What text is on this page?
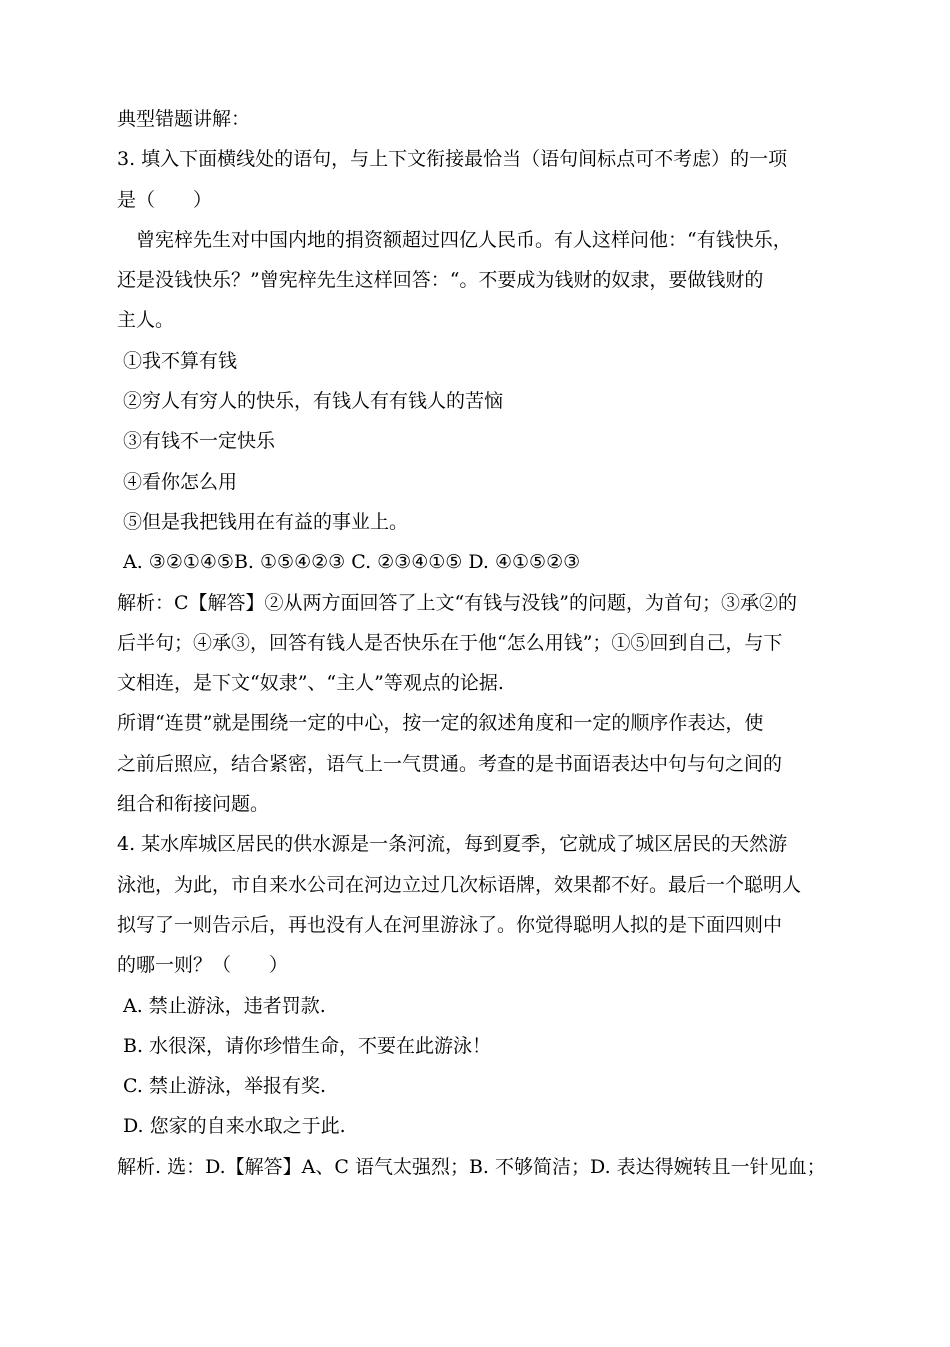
典型错题讲解：
3. 填入下面横线处的语句，与上下文衔接最恰当（语句间标点可不考虑）的一项
是（　　）
曾宪梓先生对中国内地的捐资额超过四亿人民币。有人这样问他：“有钱快乐，
还是没钱快乐？”曾宪梓先生这样回答：“。不要成为钱财的奴隶，要做钱财的
主人。
①我不算有钱
②穷人有穷人的快乐，有钱人有有钱人的苦恼
③有钱不一定快乐
④看你怎么用
⑤但是我把钱用在有益的事业上。
A. ③②①④⑤B. ①⑤④②③ C. ②③④①⑤ D. ④①⑤②③
解析：C【解答】②从两方面回答了上文“有钱与没钱”的问题，为首句；③承②的
后半句；④承③，回答有钱人是否快乐在于他“怎么用钱”；①⑤回到自己，与下
文相连，是下文“奴隶”、“主人”等观点的论据.
所谓“连贯”就是围绕一定的中心，按一定的叙述角度和一定的顺序作表达，使
之前后照应，结合紧密，语气上一气贯通。考查的是书面语表达中句与句之间的
组合和衔接问题。
4. 某水库城区居民的供水源是一条河流，每到夏季，它就成了城区居民的天然游
泳池，为此，市自来水公司在河边立过几次标语牌，效果都不好。最后一个聪明人
拟写了一则告示后，再也没有人在河里游泳了。你觉得聪明人拟的是下面四则中
的哪一则？（　　）
A. 禁止游泳，违者罚款.
B. 水很深，请你珍惜生命，不要在此游泳！
C. 禁止游泳，举报有奖.
D. 您家的自来水取之于此.
解析. 选：D.【解答】A、C 语气太强烈；B. 不够简洁；D. 表达得婉转且一针见血；
